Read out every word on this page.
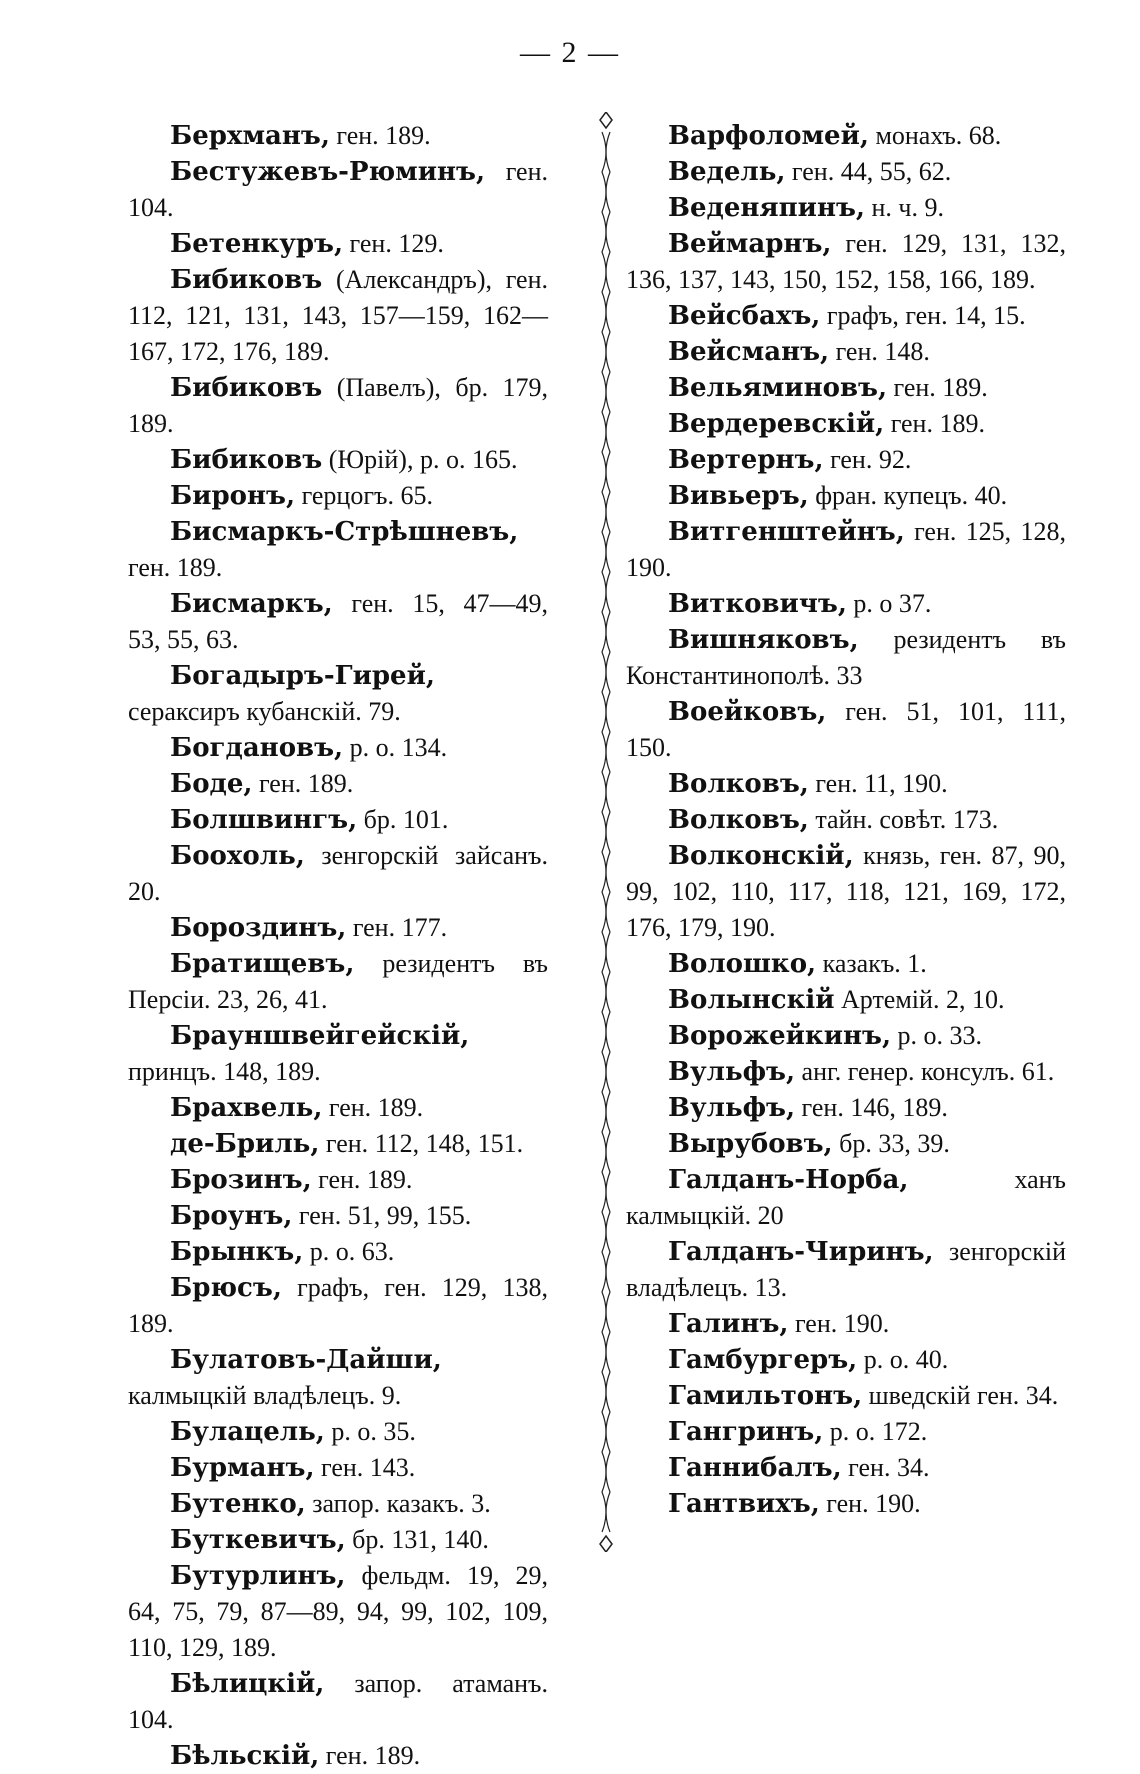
— 2 —
Берхманъ, ген. 189.
Бестужевъ-Рюминъ, ген. 104.
Бетенкуръ, ген. 129.
Бибиковъ (Александръ), ген. 112, 121, 131, 143, 157—159, 162—167, 172, 176, 189.
Бибиковъ (Павелъ), бр. 179, 189.
Бибиковъ (Юрій), р. о. 165.
Биронъ, герцогъ. 65.
Бисмаркъ-Стрѣшневъ, ген. 189.
Бисмаркъ, ген. 15, 47—49, 53, 55, 63.
Богадыръ-Гирей, сераксиръ кубанскій. 79.
Богдановъ, р. о. 134.
Боде, ген. 189.
Болшвингъ, бр. 101.
Боохоль, зенгорскій зайсанъ. 20.
Бороздинъ, ген. 177.
Братищевъ, резидентъ въ Персіи. 23, 26, 41.
Брауншвейгейскій, принцъ. 148, 189.
Брахвель, ген. 189.
де-Бриль, ген. 112, 148, 151.
Брозинъ, ген. 189.
Броунъ, ген. 51, 99, 155.
Брынкъ, р. о. 63.
Брюсъ, графъ, ген. 129, 138, 189.
Булатовъ-Дайши, калмыцкій владѣлецъ. 9.
Булацель, р. о. 35.
Бурманъ, ген. 143.
Бутенко, запор. казакъ. 3.
Буткевичъ, бр. 131, 140.
Бутурлинъ, фельдм. 19, 29, 64, 75, 79, 87—89, 94, 99, 102, 109, 110, 129, 189.
Бѣлицкій, запор. атаманъ. 104.
Бѣльскій, ген. 189.
Варфоломей, монахъ. 68.
Ведель, ген. 44, 55, 62.
Веденяпинъ, н. ч. 9.
Веймарнъ, ген. 129, 131, 132, 136, 137, 143, 150, 152, 158, 166, 189.
Вейсбахъ, графъ, ген. 14, 15.
Вейсманъ, ген. 148.
Вельяминовъ, ген. 189.
Вердеревскій, ген. 189.
Вертернъ, ген. 92.
Вивьеръ, фран. купецъ. 40.
Витгенштейнъ, ген. 125, 128, 190.
Витковичъ, р. о 37.
Вишняковъ, резидентъ въ Константинополѣ. 33
Воейковъ, ген. 51, 101, 111, 150.
Волковъ, ген. 11, 190.
Волковъ, тайн. совѣт. 173.
Волконскій, князь, ген. 87, 90, 99, 102, 110, 117, 118, 121, 169, 172, 176, 179, 190.
Волошко, казакъ. 1.
Волынскій Артемій. 2, 10.
Ворожейкинъ, р. о. 33.
Вульфъ, анг. генер. консулъ. 61.
Вульфъ, ген. 146, 189.
Вырубовъ, бр. 33, 39.
Галданъ-Норба, ханъ калмыцкій. 20
Галданъ-Чиринъ, зенгорскій владѣлецъ. 13.
Галинъ, ген. 190.
Гамбургеръ, р. о. 40.
Гамильтонъ, шведскій ген. 34.
Гангринъ, р. о. 172.
Ганнибалъ, ген. 34.
Гантвихъ, ген. 190.
